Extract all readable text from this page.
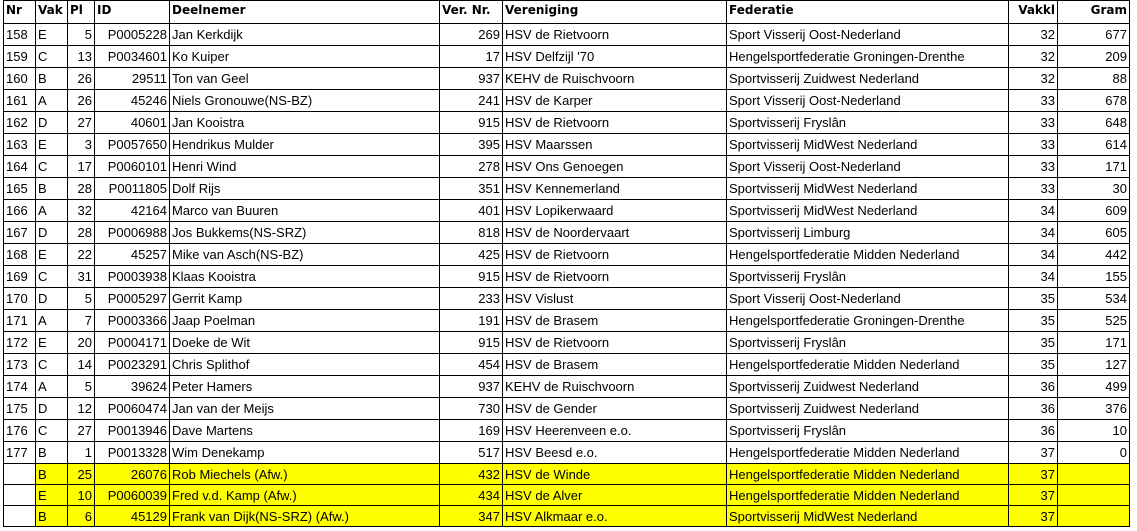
Nr	Vak	Pl	ID	Deelnemer	Ver. Nr.	Vereniging	Federatie	Vakkl	Gram
158	E	5	P0005228	Jan Kerkdijk	269	HSV de Rietvoorn	Sport Visserij Oost-Nederland	32	677
159	C	13	P0034601	Ko Kuiper	17	HSV Delfzijl '70	Hengelsportfederatie Groningen-Drenthe	32	209
160	B	26	29511	Ton van Geel	937	KEHV de Ruischvoorn	Sportvisserij Zuidwest Nederland	32	88
161	A	26	45246	Niels Gronouwe(NS-BZ)	241	HSV de Karper	Sport Visserij Oost-Nederland	33	678
162	D	27	40601	Jan Kooistra	915	HSV de Rietvoorn	Sportvisserij Fryslân	33	648
163	E	3	P0057650	Hendrikus Mulder	395	HSV Maarssen	Sportvisserij MidWest Nederland	33	614
164	C	17	P0060101	Henri Wind	278	HSV Ons Genoegen	Sport Visserij Oost-Nederland	33	171
165	B	28	P0011805	Dolf Rijs	351	HSV Kennemerland	Sportvisserij MidWest Nederland	33	30
166	A	32	42164	Marco van Buuren	401	HSV Lopikerwaard	Sportvisserij MidWest Nederland	34	609
167	D	28	P0006988	Jos Bukkems(NS-SRZ)	818	HSV de Noordervaart	Sportvisserij Limburg	34	605
168	E	22	45257	Mike van Asch(NS-BZ)	425	HSV de Rietvoorn	Hengelsportfederatie Midden Nederland	34	442
169	C	31	P0003938	Klaas Kooistra	915	HSV de Rietvoorn	Sportvisserij Fryslân	34	155
170	D	5	P0005297	Gerrit Kamp	233	HSV Vislust	Sport Visserij Oost-Nederland	35	534
171	A	7	P0003366	Jaap Poelman	191	HSV de Brasem	Hengelsportfederatie Groningen-Drenthe	35	525
172	E	20	P0004171	Doeke de Wit	915	HSV de Rietvoorn	Sportvisserij Fryslân	35	171
173	C	14	P0023291	Chris Splithof	454	HSV de Brasem	Hengelsportfederatie Midden Nederland	35	127
174	A	5	39624	Peter Hamers	937	KEHV de Ruischvoorn	Sportvisserij Zuidwest Nederland	36	499
175	D	12	P0060474	Jan van der Meijs	730	HSV de Gender	Sportvisserij Zuidwest Nederland	36	376
176	C	27	P0013946	Dave Martens	169	HSV Heerenveen e.o.	Sportvisserij Fryslân	36	10
177	B	1	P0013328	Wim Denekamp	517	HSV Beesd e.o.	Hengelsportfederatie Midden Nederland	37	0
	B	25	26076	Rob Miechels (Afw.)	432	HSV de Winde	Hengelsportfederatie Midden Nederland	37	
	E	10	P0060039	Fred v.d. Kamp (Afw.)	434	HSV de Alver	Hengelsportfederatie Midden Nederland	37	
	B	6	45129	Frank van Dijk(NS-SRZ) (Afw.)	347	HSV Alkmaar e.o.	Sportvisserij MidWest Nederland	37	
